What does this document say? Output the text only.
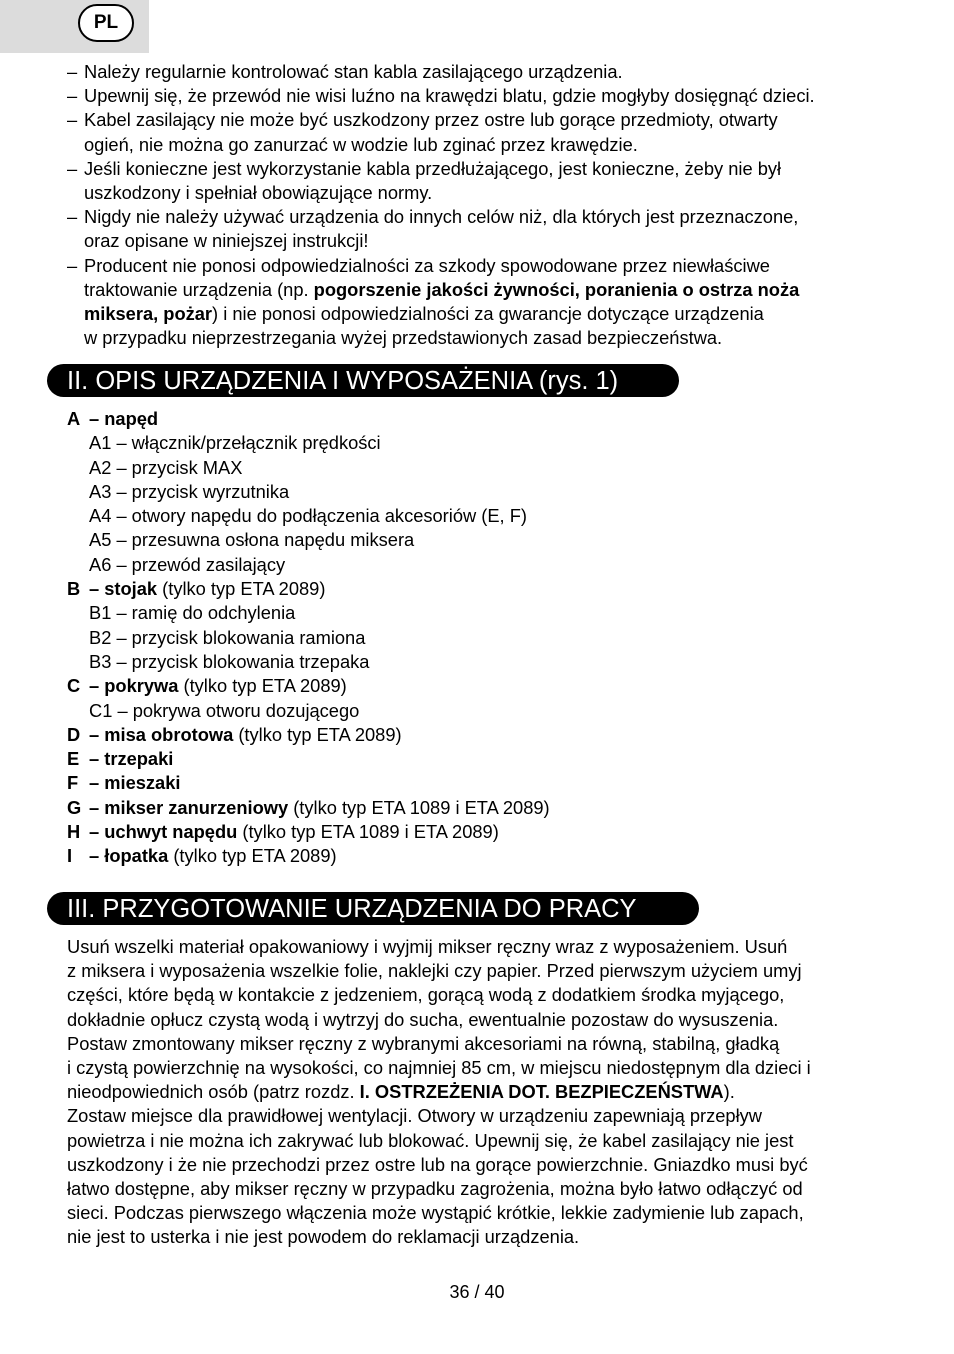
PL
– Należy regularnie kontrolować stan kabla zasilającego urządzenia.
– Upewnij się, że przewód nie wisi luźno na krawędzi blatu, gdzie mogłyby dosięgnąć dzieci.
– Kabel zasilający nie może być uszkodzony przez ostre lub gorące przedmioty, otwarty
ogień, nie można go zanurzać w wodzie lub zginać przez krawędzie.
– Jeśli konieczne jest wykorzystanie kabla przedłużającego, jest konieczne, żeby nie był
uszkodzony i spełniał obowiązujące normy.
– Nigdy nie należy używać urządzenia do innych celów niż, dla których jest przeznaczone,
oraz opisane w niniejszej instrukcji!
– Producent nie ponosi odpowiedzialności za szkody spowodowane przez niewłaściwe
traktowanie urządzenia (np. pogorszenie jakości żywności, poranienia o ostrza noża
miksera, pożar) i nie ponosi odpowiedzialności za gwarancje dotyczące urządzenia
w przypadku nieprzestrzegania wyżej przedstawionych zasad bezpieczeństwa.
II. OPIS URZĄDZENIA I WYPOSAŻENIA (rys. 1)
A – napęd
A1 – włącznik/przełącznik prędkości
A2 – przycisk MAX
A3 – przycisk wyrzutnika
A4 – otwory napędu do podłączenia akcesoriów (E, F)
A5 – przesuwna osłona napędu miksera
A6 – przewód zasilający
B – stojak (tylko typ ETA 2089)
B1 – ramię do odchylenia
B2 – przycisk blokowania ramiona
B3 – przycisk blokowania trzepaka
C – pokrywa (tylko typ ETA 2089)
C1 – pokrywa otworu dozującego
D – misa obrotowa (tylko typ ETA 2089)
E – trzepaki
F – mieszaki
G – mikser zanurzeniowy (tylko typ ETA 1089 i ETA 2089)
H – uchwyt napędu (tylko typ ETA 1089 i ETA 2089)
I – łopatka (tylko typ ETA 2089)
III. PRZYGOTOWANIE URZĄDZENIA DO PRACY
Usuń wszelki materiał opakowaniowy i wyjmij mikser ręczny wraz z wyposażeniem. Usuń
z miksera i wyposażenia wszelkie folie, naklejki czy papier. Przed pierwszym użyciem umyj
części, które będą w kontakcie z jedzeniem, gorącą wodą z dodatkiem środka myjącego,
dokładnie opłucz czystą wodą i wytrzyj do sucha, ewentualnie pozostaw do wysuszenia.
Postaw zmontowany mikser ręczny z wybranymi akcesoriami na równą, stabilną, gładką
i czystą powierzchnię na wysokości, co najmniej 85 cm, w miejscu niedostępnym dla dzieci i
nieodpowiednich osób (patrz rozdz. I. OSTRZEŻENIA DOT. BEZPIECZEŃSTWA).
Zostaw miejsce dla prawidłowej wentylacji. Otwory w urządzeniu zapewniają przepływ
powietrza i nie można ich zakrywać lub blokować. Upewnij się, że kabel zasilający nie jest
uszkodzony i że nie przechodzi przez ostre lub na gorące powierzchnie. Gniazdko musi być
łatwo dostępne, aby mikser ręczny w przypadku zagrożenia, można było łatwo odłączyć od
sieci. Podczas pierwszego włączenia może wystąpić krótkie, lekkie zadymienie lub zapach,
nie jest to usterka i nie jest powodem do reklamacji urządzenia.
36 / 40
